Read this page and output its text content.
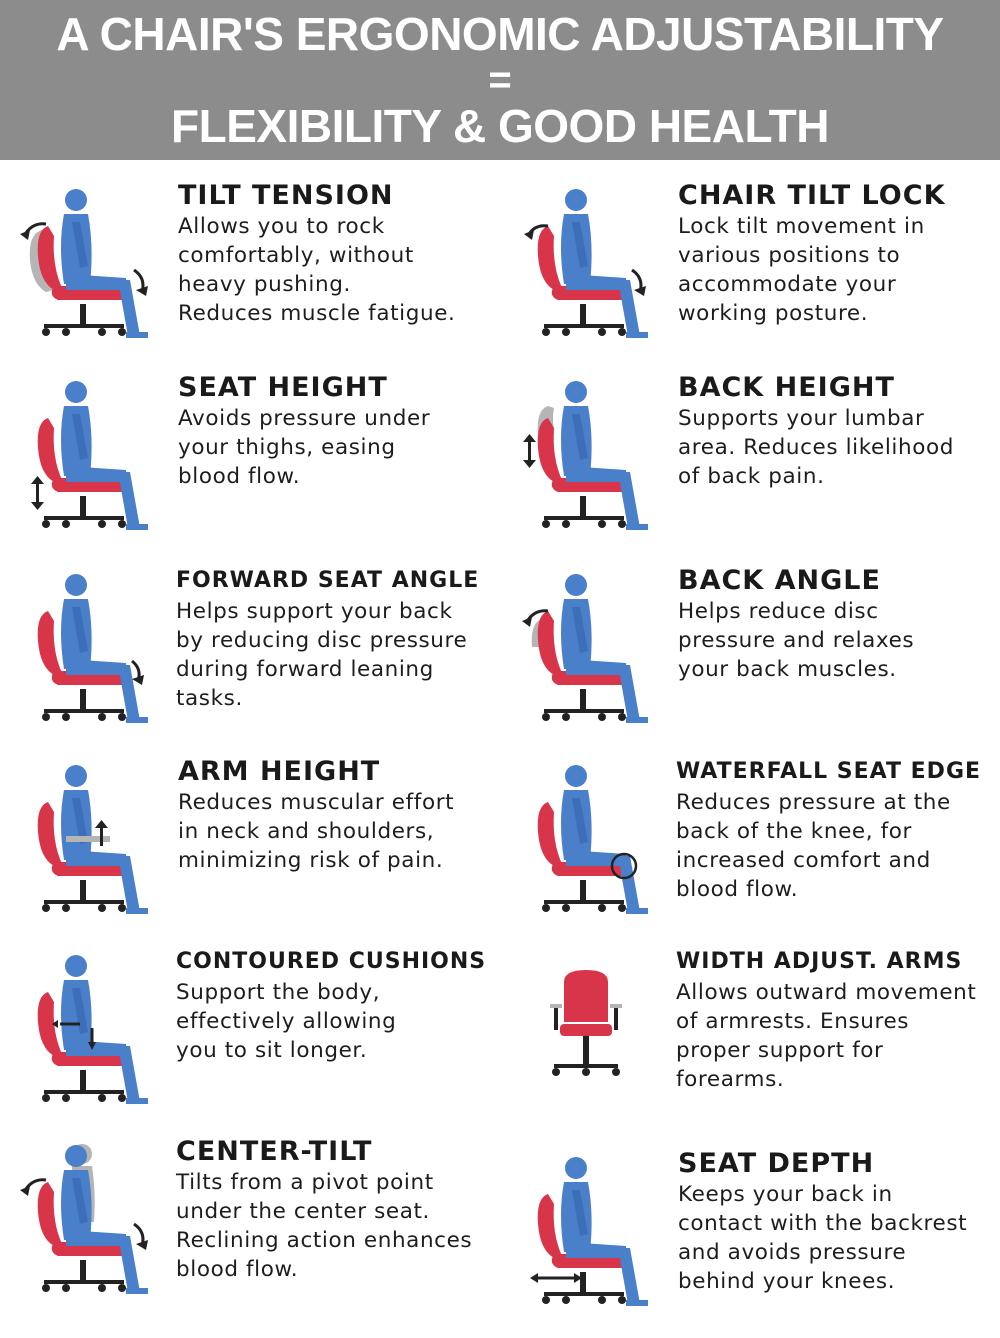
A CHAIR'S ERGONOMIC ADJUSTABILITY
=
FLEXIBILITY & GOOD HEALTH
TILT TENSION
Allows you to rock
comfortably, without
heavy pushing.
Reduces muscle fatigue.
CHAIR TILT LOCK
Lock tilt movement in
various positions to
accommodate your
working posture.
SEAT HEIGHT
Avoids pressure under
your thighs, easing
blood flow.
BACK HEIGHT
Supports your lumbar
area. Reduces likelihood
of back pain.
FORWARD SEAT ANGLE
Helps support your back
by reducing disc pressure
during forward leaning
tasks.
BACK ANGLE
Helps reduce disc
pressure and relaxes
your back muscles.
ARM HEIGHT
Reduces muscular effort
in neck and shoulders,
minimizing risk of pain.
WATERFALL SEAT EDGE
Reduces pressure at the
back of the knee, for
increased comfort and
blood flow.
CONTOURED CUSHIONS
Support the body,
effectively allowing
you to sit longer.
WIDTH ADJUST. ARMS
Allows outward movement
of armrests. Ensures
proper support for
forearms.
CENTER-TILT
Tilts from a pivot point
under the center seat.
Reclining action enhances
blood flow.
SEAT DEPTH
Keeps your back in
contact with the backrest
and avoids pressure
behind your knees.
